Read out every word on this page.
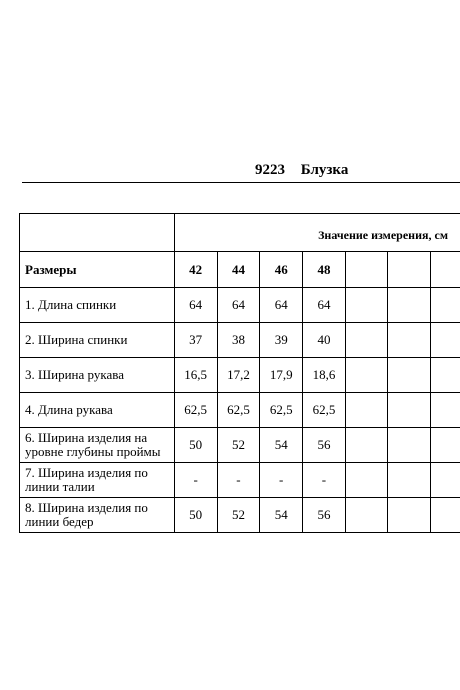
9223 Блузка
	Значение измерения, см						
Размеры	42	44	46	48			
1. Длина спинки	64	64	64	64			
2. Ширина спинки	37	38	39	40			
3. Ширина рукава	16,5	17,2	17,9	18,6			
4. Длина рукава	62,5	62,5	62,5	62,5			
6. Ширина изделия на уровне глубины проймы	50	52	54	56			
7. Ширина изделия по линии талии	-	-	-	-			
8. Ширина изделия по линии бедер	50	52	54	56			
